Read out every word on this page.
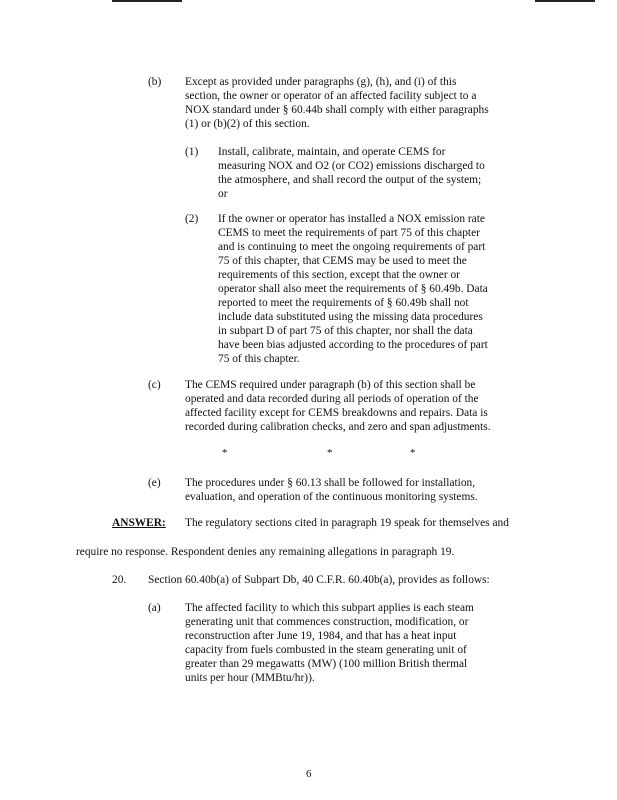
(b) Except as provided under paragraphs (g), (h), and (i) of this
section, the owner or operator of an affected facility subject to a
NOX standard under § 60.44b shall comply with either paragraphs
(1) or (b)(2) of this section.
(1) Install, calibrate, maintain, and operate CEMS for
measuring NOX and O2 (or CO2) emissions discharged to
the atmosphere, and shall record the output of the system;
or
(2) If the owner or operator has installed a NOX emission rate
CEMS to meet the requirements of part 75 of this chapter
and is continuing to meet the ongoing requirements of part
75 of this chapter, that CEMS may be used to meet the
requirements of this section, except that the owner or
operator shall also meet the requirements of § 60.49b. Data
reported to meet the requirements of § 60.49b shall not
include data substituted using the missing data procedures
in subpart D of part 75 of this chapter, nor shall the data
have been bias adjusted according to the procedures of part
75 of this chapter.
(c) The CEMS required under paragraph (b) of this section shall be
operated and data recorded during all periods of operation of the
affected facility except for CEMS breakdowns and repairs. Data is
recorded during calibration checks, and zero and span adjustments.
*	*	*
(e) The procedures under § 60.13 shall be followed for installation,
evaluation, and operation of the continuous monitoring systems.
ANSWER: The regulatory sections cited in paragraph 19 speak for themselves and
require no response. Respondent denies any remaining allegations in paragraph 19.
20. Section 60.40b(a) of Subpart Db, 40 C.F.R. 60.40b(a), provides as follows:
(a) The affected facility to which this subpart applies is each steam
generating unit that commences construction, modification, or
reconstruction after June 19, 1984, and that has a heat input
capacity from fuels combusted in the steam generating unit of
greater than 29 megawatts (MW) (100 million British thermal
units per hour (MMBtu/hr)).
6
